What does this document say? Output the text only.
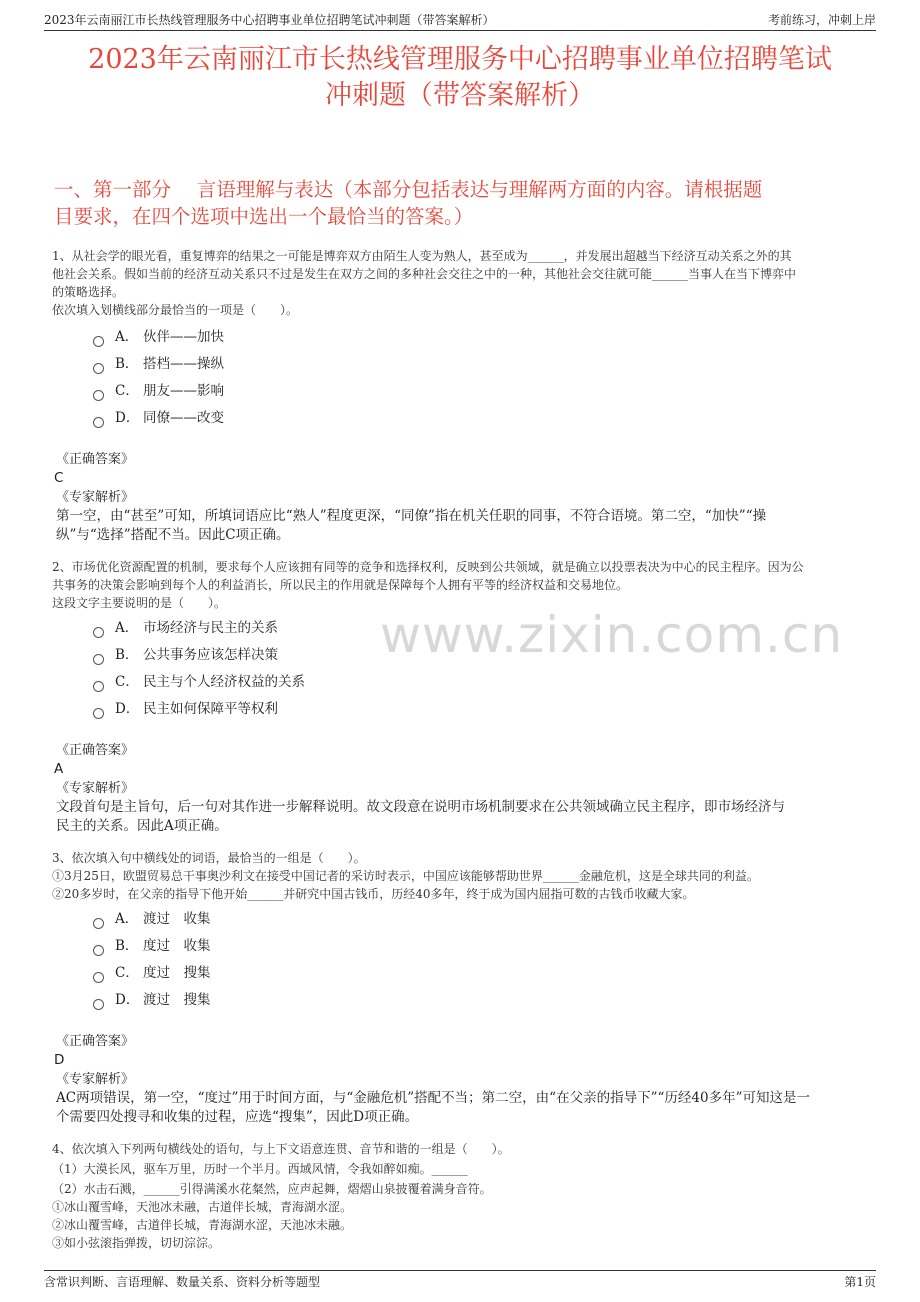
2023年云南丽江市长热线管理服务中心招聘事业单位招聘笔试冲刺题（带答案解析）	考前练习，冲刺上岸
2023年云南丽江市长热线管理服务中心招聘事业单位招聘笔试
冲刺题（带答案解析）
一、第一部分　 言语理解与表达（本部分包括表达与理解两方面的内容。请根据题
目要求，在四个选项中选出一个最恰当的答案。）
www.zixin.com.cn
1、从社会学的眼光看，重复博弈的结果之一可能是博弈双方由陌生人变为熟人，甚至成为______，并发展出超越当下经济互动关系之外的其
他社会关系。假如当前的经济互动关系只不过是发生在双方之间的多种社会交往之中的一种，其他社会交往就可能______当事人在当下博弈中
的策略选择。
依次填入划横线部分最恰当的一项是（　　）。
A． 伙伴——加快
B． 搭档——操纵
C． 朋友——影响
D． 同僚——改变
《正确答案》
C
《专家解析》
第一空，由“甚至”可知，所填词语应比“熟人”程度更深，“同僚”指在机关任职的同事，不符合语境。第二空，“加快”“操
纵”与“选择”搭配不当。因此C项正确。
2、市场优化资源配置的机制，要求每个人应该拥有同等的竞争和选择权利，反映到公共领域，就是确立以投票表决为中心的民主程序。因为公
共事务的决策会影响到每个人的利益消长，所以民主的作用就是保障每个人拥有平等的经济权益和交易地位。
这段文字主要说明的是（　　）。
A． 市场经济与民主的关系
B． 公共事务应该怎样决策
C． 民主与个人经济权益的关系
D． 民主如何保障平等权利
《正确答案》
A
《专家解析》
文段首句是主旨句，后一句对其作进一步解释说明。故文段意在说明市场机制要求在公共领域确立民主程序，即市场经济与
民主的关系。因此A项正确。
3、依次填入句中横线处的词语，最恰当的一组是（　　）。
①3月25日，欧盟贸易总干事奥沙利文在接受中国记者的采访时表示，中国应该能够帮助世界______金融危机，这是全球共同的利益。
②20多岁时，在父亲的指导下他开始______并研究中国古钱币，历经40多年，终于成为国内屈指可数的古钱币收藏大家。
A． 渡过　收集
B． 度过　收集
C． 度过　搜集
D． 渡过　搜集
《正确答案》
D
《专家解析》
AC两项错误，第一空，“度过”用于时间方面，与“金融危机”搭配不当；第二空，由“在父亲的指导下”“历经40多年”可知这是一
个需要四处搜寻和收集的过程，应选“搜集”，因此D项正确。
4、依次填入下列两句横线处的语句，与上下文语意连贯、音节和谐的一组是（　　）。
（1）大漠长风，驱车万里，历时一个半月。西域风情，令我如醉如痴。______
（2）水击石溅，______引得满溪水花粲然，应声起舞，熠熠山泉披覆着满身音符。
①冰山覆雪峰，天池冰未融，古道伴长城，青海湖水涩。
②冰山覆雪峰，古道伴长城，青海湖水涩，天池冰未融。
③如小弦滚指弹拨，切切淙淙。
含常识判断、言语理解、数量关系、资料分析等题型	第1页
